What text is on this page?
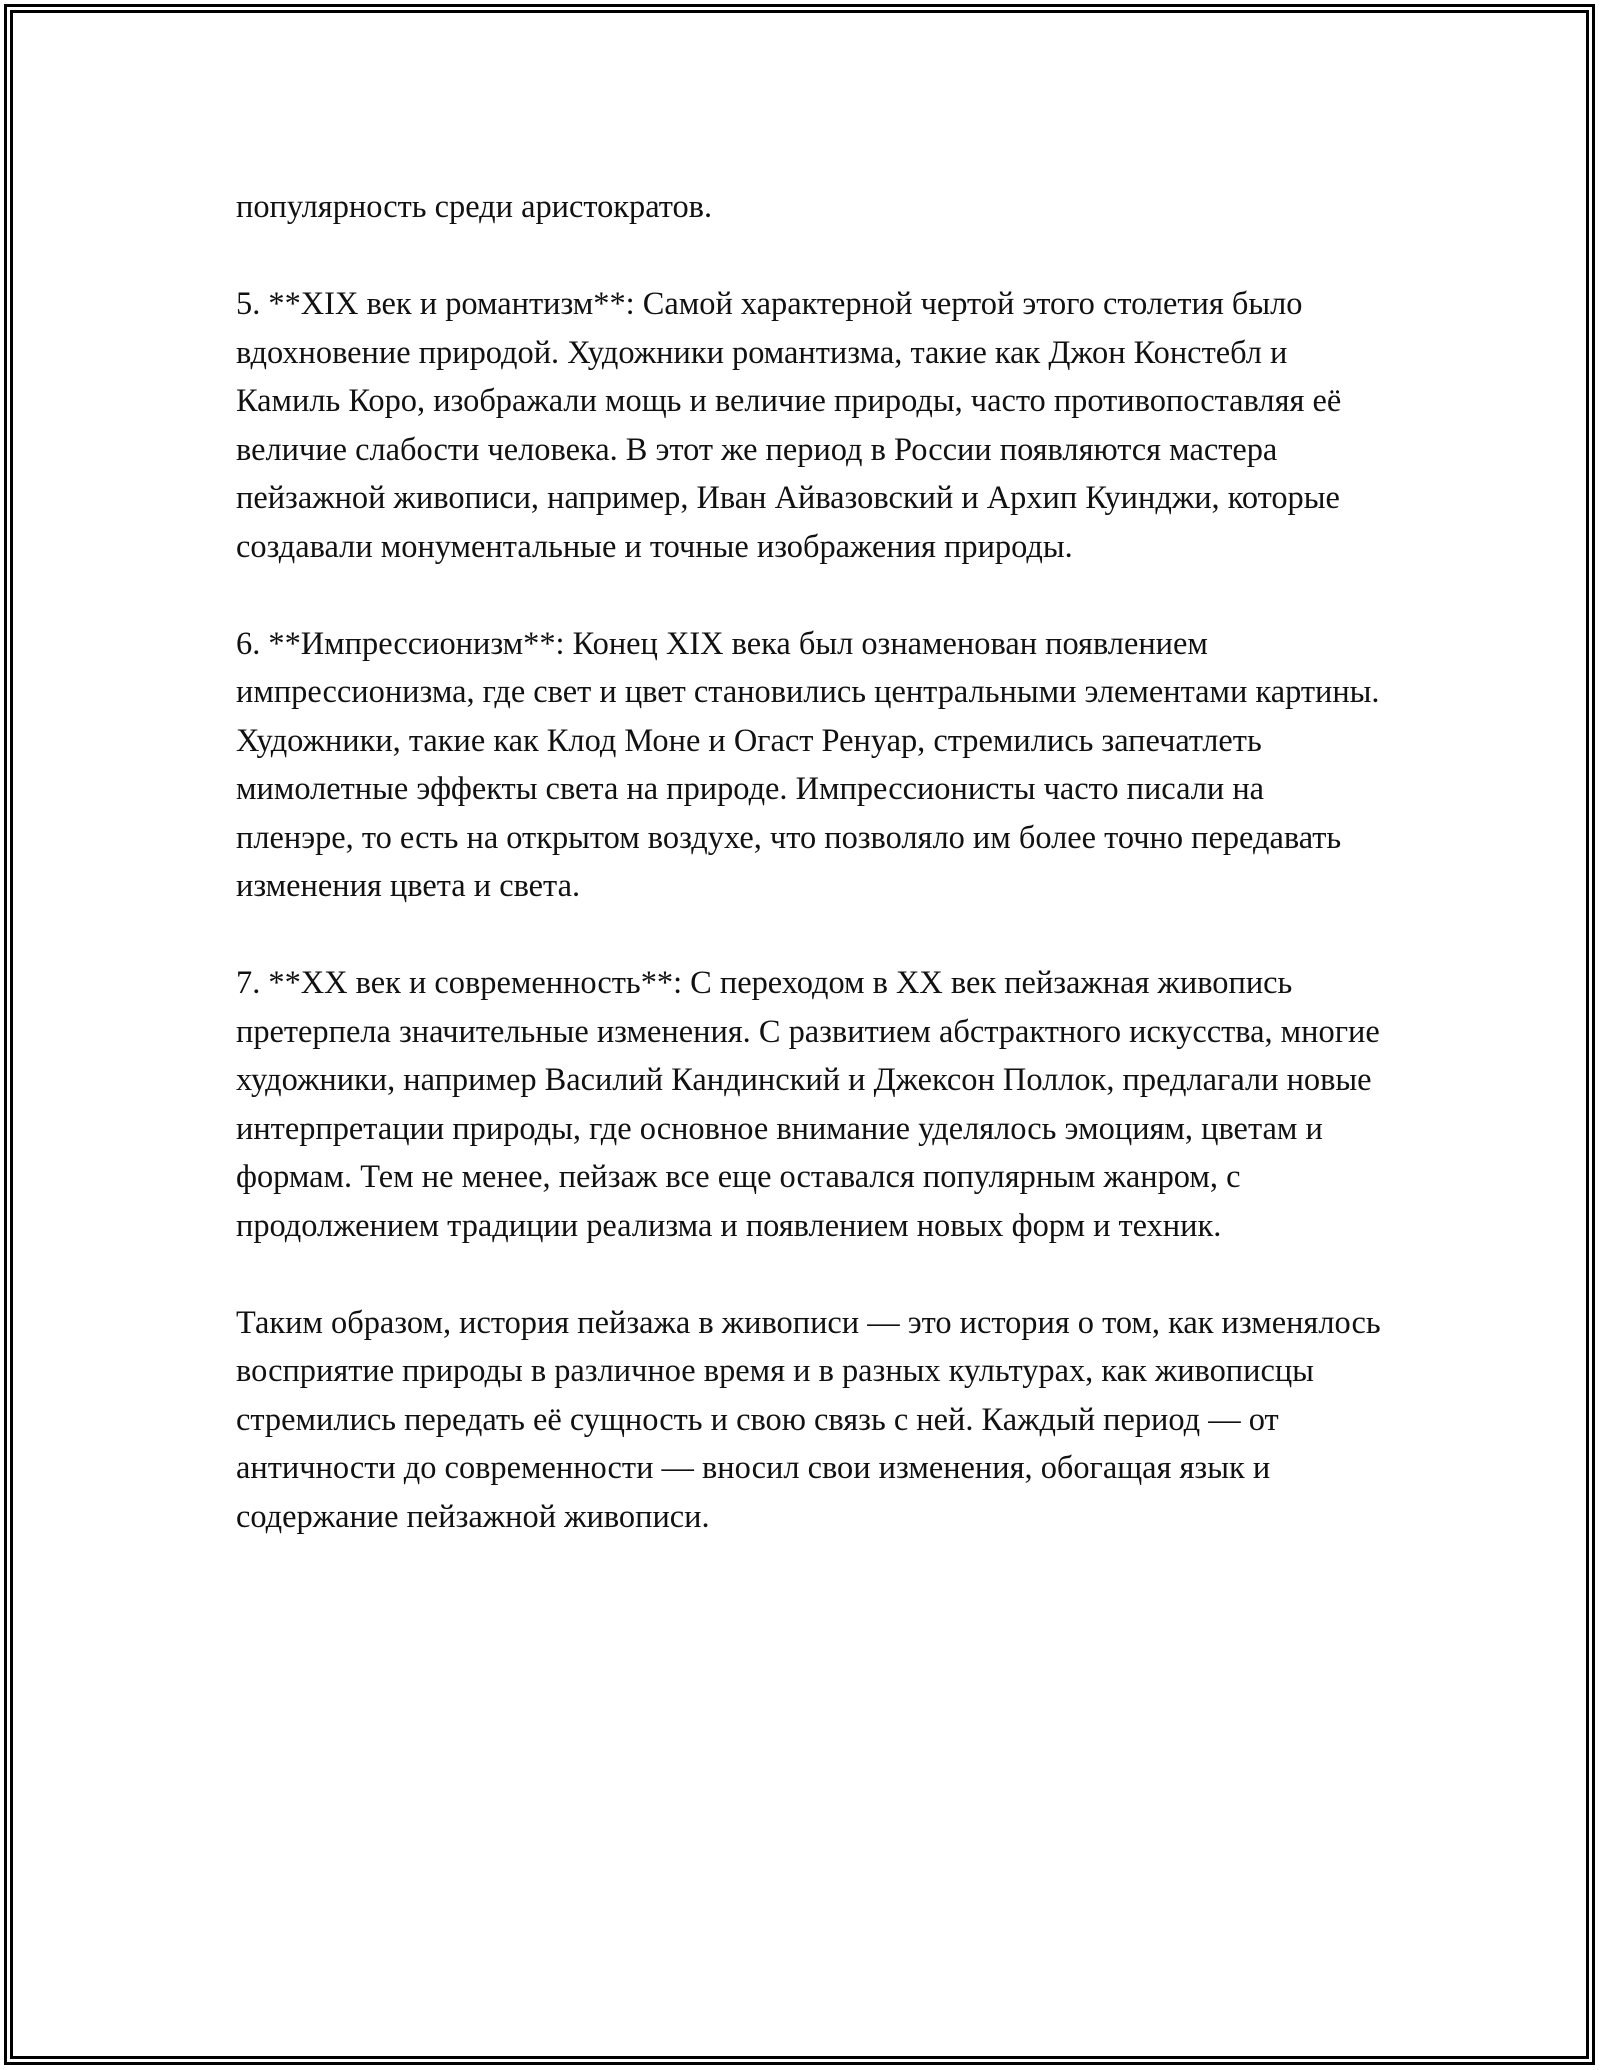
популярность среди аристократов.

5. **XIX век и романтизм**: Самой характерной чертой этого столетия было вдохновение природой. Художники романтизма, такие как Джон Констебл и Камиль Коро, изображали мощь и величие природы, часто противопоставляя её величие слабости человека. В этот же период в России появляются мастера пейзажной живописи, например, Иван Айвазовский и Архип Куинджи, которые создавали монументальные и точные изображения природы.

6. **Импрессионизм**: Конец XIX века был ознаменован появлением импрессионизма, где свет и цвет становились центральными элементами картины. Художники, такие как Клод Моне и Огаст Ренуар, стремились запечатлеть мимолетные эффекты света на природе. Импрессионисты часто писали на пленэре, то есть на открытом воздухе, что позволяло им более точно передавать изменения цвета и света.

7. **XX век и современность**: С переходом в XX век пейзажная живопись претерпела значительные изменения. С развитием абстрактного искусства, многие художники, например Василий Кандинский и Джексон Поллок, предлагали новые интерпретации природы, где основное внимание уделялось эмоциям, цветам и формам. Тем не менее, пейзаж все еще оставался популярным жанром, с продолжением традиции реализма и появлением новых форм и техник.

Таким образом, история пейзажа в живописи — это история о том, как изменялось восприятие природы в различное время и в разных культурах, как живописцы стремились передать её сущность и свою связь с ней. Каждый период — от античности до современности — вносил свои изменения, обогащая язык и содержание пейзажной живописи.
